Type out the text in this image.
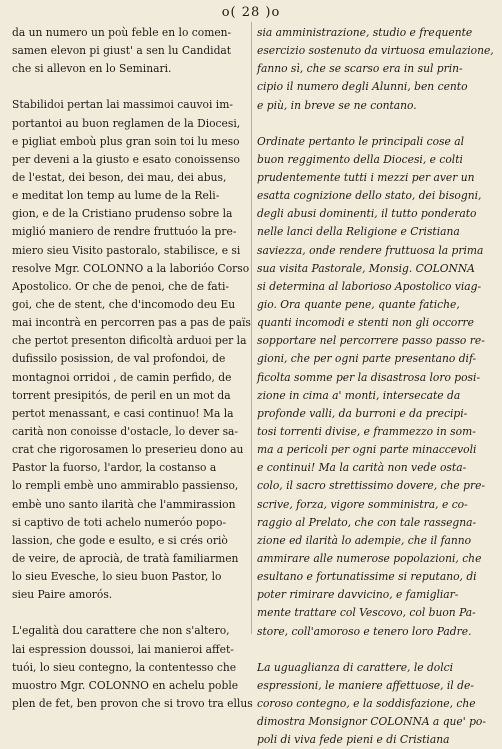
o( 28 )o
da un numero un poù feble en lo comen-
samen elevon pi giust' a sen lu Candidat
che si allevon en lo Seminari.
Stabilidoi pertan lai massimoi cauvoi im-
portantoi au buon reglamen de la Diocesi,
e pigliat emboù plus gran soin toi lu meso
per deveni a la giusto e esato conoissenso
de l'estat, dei beson, dei mau, dei abus,
e meditat lon temp au lume de la Reli-
gion, e de la Cristiano prudenso sobre la
miglió maniero de rendre fruttuóo la pre-
miero sieu Visito pastoralo, stabilisce, e si
resolve Mgr. COLONNO a la laborióo Corso
Apostolico. Or che de penoi, che de fati-
goi, che de stent, che d'incomodo deu Eu
mai incontrà en percorren pas a pas de païs
che pertot presenton dificoltà arduoi per la
dufissilo posission, de val profondoi, de
montagnoi orridoi , de camin perfido, de
torrent presipitós, de peril en un mot da
pertot menassant, e casi continuo! Ma la
carità non conoisse d'ostacle, lo dever sa-
crat che rigorosamen lo preserieu dono au
Pastor la fuorso, l'ardor, la costanso a
lo rempli embè uno ammirablo passienso,
embè uno santo ilarità che l'ammirassion
si captivo de toti achelo numeróo popo-
lassion, che gode e esulto, e si crés oriò
de veire, de aprocià, de tratà familiarmen
lo sieu Evesche, lo sieu buon Pastor, lo
sieu Paire amorós.
L'egalità dou carattere che non s'altero,
lai espression doussoi, lai manieroi affet-
tuói, lo sieu contegno, la contentesso che
muostro Mgr. COLONNO en achelu poble
plen de fet, ben provon che si trovo tra ellus
sia amministrazione, studio e frequente
esercizio sostenuto da virtuosa emulazione,
fanno sì, che se scarso era in sul prin-
cipio il numero degli Alunni, ben cento
e più, in breve se ne contano.
Ordinate pertanto le principali cose al
buon reggimento della Diocesi, e colti
prudentemente tutti i mezzi per aver un
esatta cognizione dello stato, dei bisogni,
degli abusi dominenti, il tutto ponderato
nelle lanci della Religione e Cristiana
saviezza, onde rendere fruttuosa la prima
sua visita Pastorale, Monsig. COLONNA
si determina al laborioso Apostolico viag-
gio. Ora quante pene, quante fatiche,
quanti incomodi e stenti non gli occorre
sopportare nel percorrere passo passo re-
gioni, che per ogni parte presentano dif-
ficolta somme per la disastrosa loro posi-
zione in cima a' monti, intersecate da
profonde valli, da burroni e da precipi-
tosi torrenti divise, e frammezzo in som-
ma a pericoli per ogni parte minaccevoli
e continui! Ma la carità non vede osta-
colo, il sacro strettissimo dovere, che pre-
scrive, forza, vigore somministra, e co-
raggio al Prelato, che con tale rassegna-
zione ed ilarità lo adempie, che il fanno
ammirare alle numerose popolazioni, che
esultano e fortunatissime si reputano, di
poter rimirare davvicino, e famigliar-
mente trattare col Vescovo, col buon Pa-
store, coll'amoroso e tenero loro Padre.
La uguaglianza di carattere, le dolci
espressioni, le maniere affettuose, il de-
coroso contegno, e la soddisfazione, che
dimostra Monsignor COLONNA a que' po-
poli di viva fede pieni e di Cristiana
